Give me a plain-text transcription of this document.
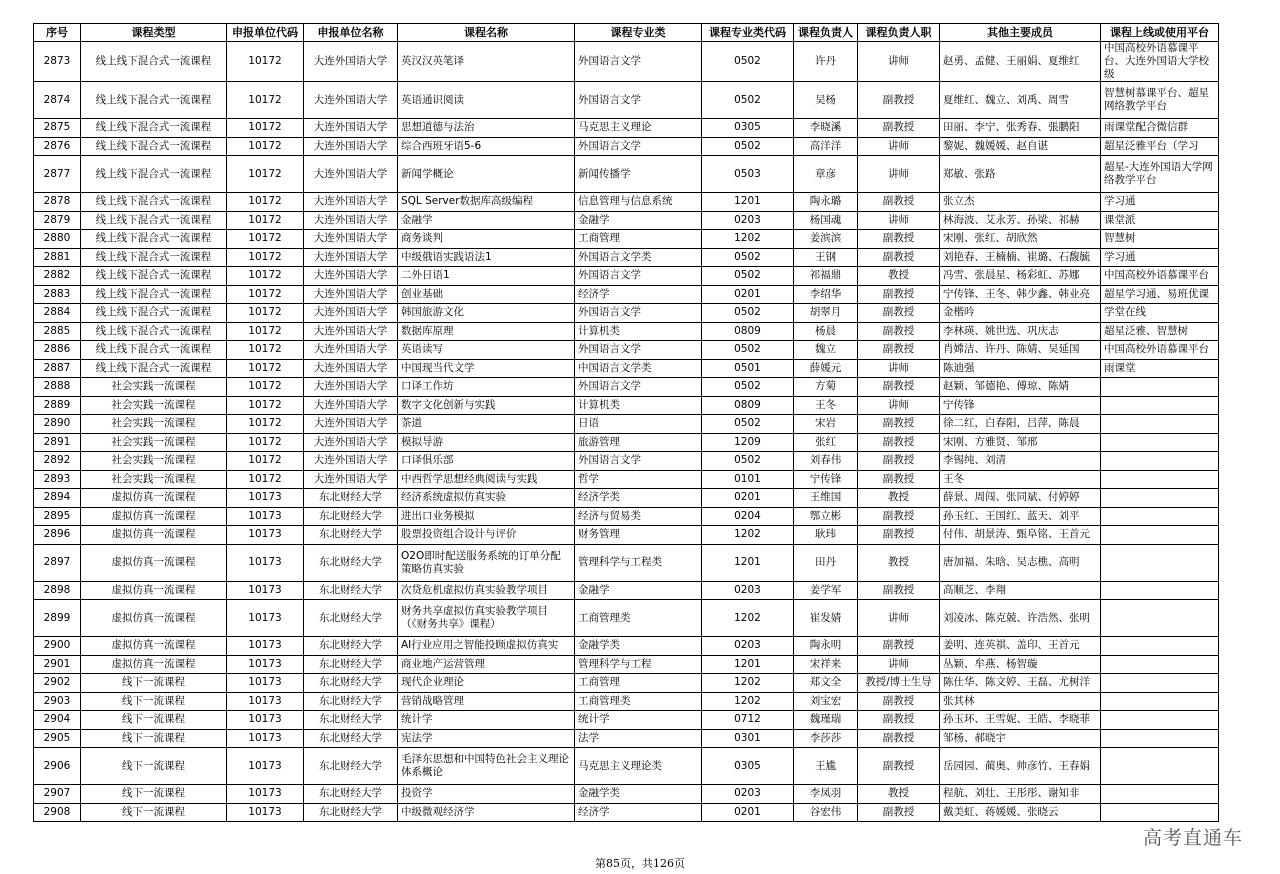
序号	课程类型	申报单位代码	申报单位名称	课程名称	课程专业类	课程专业类代码	课程负责人	课程负责人职	其他主要成员	课程上线或使用平台
2873	线上线下混合式一流课程	10172	大连外国语大学	英汉汉英笔译	外国语言文学	0502	许丹	讲师	赵勇、孟健、王丽娟、夏维红	中国高校外语慕课平台、大连外国语大学校级
2874	线上线下混合式一流课程	10172	大连外国语大学	英语通识阅读	外国语言文学	0502	吴杨	副教授	夏维红、魏立、刘禹、周雪	智慧树慕课平台、超星网络教学平台
2875	线上线下混合式一流课程	10172	大连外国语大学	思想道德与法治	马克思主义理论	0305	李晓溪	副教授	田丽、李宁、张秀春、張鹏阳	雨课堂配合微信群
2876	线上线下混合式一流课程	10172	大连外国语大学	综合西班牙语5-6	外国语言文学	0502	高洋洋	讲师	黎妮、魏媛媛、赵自谌	超星泛雅平台（学习
2877	线上线下混合式一流课程	10172	大连外国语大学	新闻学概论	新闻传播学	0503	章彦	讲师	郑敏、张路	超星-大连外国语大学网络教学平台
2878	线上线下混合式一流课程	10172	大连外国语大学	SQL Server数据库高级编程	信息管理与信息系统	1201	陶永璐	副教授	张立杰	学习通
2879	线上线下混合式一流课程	10172	大连外国语大学	金融学	金融学	0203	杨国魂	讲师	林海波、艾永芳、孙梁、祁赫	课堂派
2880	线上线下混合式一流课程	10172	大连外国语大学	商务谈判	工商管理	1202	姜滨滨	副教授	宋刚、张红、胡欣然	智慧树
2881	线上线下混合式一流课程	10172	大连外国语大学	中级俄语实践语法1	外国语言文学类	0502	王钢	副教授	刘艳春、王楠楠、崔璐、石馥毓	学习通
2882	线上线下混合式一流课程	10172	大连外国语大学	二外日语1	外国语言文学	0502	祁福鼎	教授	冯雪、张晨星、杨彩虹、苏娜	中国高校外语慕课平台
2883	线上线下混合式一流课程	10172	大连外国语大学	创业基础	经济学	0201	李绍华	副教授	宁传锋、王冬、韩少鑫、韩业亮	超星学习通、易班优课
2884	线上线下混合式一流课程	10172	大连外国语大学	韩国旅游文化	外国语言文学	0502	胡翠月	副教授	金楷吟	学堂在线
2885	线上线下混合式一流课程	10172	大连外国语大学	数据库原理	计算机类	0809	杨晨	副教授	李林瑛、姚世选、巩庆志	超星泛雅、智慧树
2886	线上线下混合式一流课程	10172	大连外国语大学	英语读写	外国语言文学	0502	魏立	副教授	肖嫦洁、许丹、陈婧、吴延国	中国高校外语慕课平台
2887	线上线下混合式一流课程	10172	大连外国语大学	中国现当代文学	中国语言文学类	0501	薛媛元	讲师	陈迪强	雨课堂
2888	社会实践一流课程	10172	大连外国语大学	口译工作坊	外国语言文学	0502	方菊	副教授	赵颖、邹德艳、傅琼、陈婧	
2889	社会实践一流课程	10172	大连外国语大学	数字文化创新与实践	计算机类	0809	王冬	讲师	宁传锋	
2890	社会实践一流课程	10172	大连外国语大学	茶道	日语	0502	宋岩	副教授	徐二红，白春阳，吕萍，陈晨	
2891	社会实践一流课程	10172	大连外国语大学	模拟导游	旅游管理	1209	张红	副教授	宋刚、方雅贤、邹邢	
2892	社会实践一流课程	10172	大连外国语大学	口译俱乐部	外国语言文学	0502	刘春伟	副教授	李锡纯、刘清	
2893	社会实践一流课程	10172	大连外国语大学	中西哲学思想经典阅读与实践	哲学	0101	宁传锋	副教授	王冬	
2894	虚拟仿真一流课程	10173	东北财经大学	经济系统虚拟仿真实验	经济学类	0201	王维国	教授	薛景、周闯、张同斌、付婷婷	
2895	虚拟仿真一流课程	10173	东北财经大学	进出口业务模拟	经济与贸易类	0204	鄂立彬	副教授	孙玉红、王国红、蓝天、刘平	
2896	虚拟仿真一流课程	10173	东北财经大学	股票投资组合设计与评价	财务管理	1202	耿玮	副教授	付伟、胡景涛、甄阜铭、王首元	
2897	虚拟仿真一流课程	10173	东北财经大学	O2O即时配送服务系统的订单分配策略仿真实验	管理科学与工程类	1201	田丹	教授	唐加福、朱晗、吴志樵、高明	
2898	虚拟仿真一流课程	10173	东北财经大学	次贷危机虚拟仿真实验教学项目	金融学	0203	姜学军	副教授	高顺芝、李翔	
2899	虚拟仿真一流课程	10173	东北财经大学	财务共享虚拟仿真实验教学项目（《财务共享》课程）	工商管理类	1202	崔发婧	讲师	刘凌冰、陈克兢、许浩然、张明	
2900	虚拟仿真一流课程	10173	东北财经大学	AI行业应用之智能投顾虚拟仿真实	金融学类	0203	陶永明	副教授	姜明、连英祺、盖印、王首元	
2901	虚拟仿真一流课程	10173	东北财经大学	商业地产运营管理	管理科学与工程	1201	宋祥来	讲师	丛颖、牟燕、杨智璇	
2902	线下一流课程	10173	东北财经大学	现代企业理论	工商管理	1202	郑文全	教授/博士生导	陈仕华、陈文婷、王磊、尤树洋	
2903	线下一流课程	10173	东北财经大学	营销战略管理	工商管理类	1202	刘宝宏	副教授	张其林	
2904	线下一流课程	10173	东北财经大学	统计学	统计学	0712	魏瑾瑞	副教授	孙玉环、王雪妮、王皓、李晓菲	
2905	线下一流课程	10173	东北财经大学	宪法学	法学	0301	李莎莎	副教授	邹杨、郝晓宇	
2906	线下一流课程	10173	东北财经大学	毛泽东思想和中国特色社会主义理论体系概论	马克思主义理论类	0305	王尴	副教授	岳园园、蔺奥、帅彦竹、王春娟	
2907	线下一流课程	10173	东北财经大学	投资学	金融学类	0203	李凤羽	教授	程航、刘壮、王彤彤、谢知非	
2908	线下一流课程	10173	东北财经大学	中级微观经济学	经济学	0201	谷宏伟	副教授	戴美虹、蒋媛媛、张晓云	
高考直通车
第85页，共126页
